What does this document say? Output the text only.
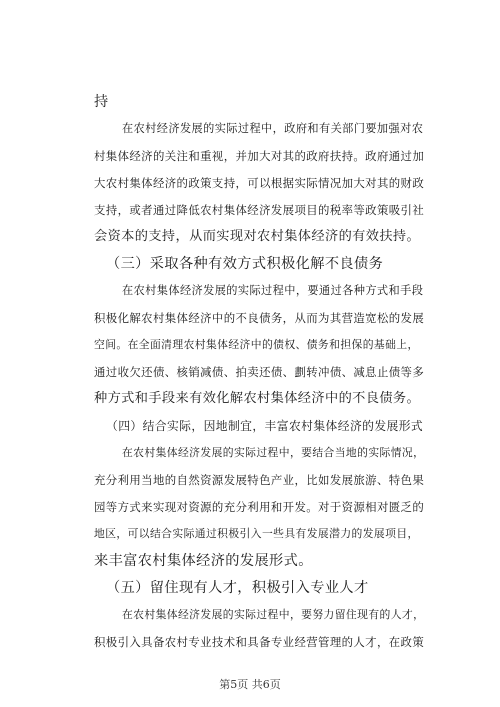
持
在农村经济发展的实际过程中，政府和有关部门要加强对农
村集体经济的关注和重视，并加大对其的政府扶持。政府通过加
大农村集体经济的政策支持，可以根据实际情况加大对其的财政
支持，或者通过降低农村集体经济发展项目的税率等政策吸引社
会资本的支持，从而实现对农村集体经济的有效扶持。
（三）采取各种有效方式积极化解不良债务
在农村集体经济发展的实际过程中，要通过各种方式和手段
积极化解农村集体经济中的不良债务，从而为其营造宽松的发展
空间。在全面清理农村集体经济中的债权、债务和担保的基础上，
通过收欠还债、核销减债、拍卖还债、劃转冲债、减息止债等多
种方式和手段来有效化解农村集体经济中的不良债务。
（四）结合实际，因地制宜，丰富农村集体经济的发展形式
在农村集体经济发展的实际过程中，要结合当地的实际情况，
充分利用当地的自然资源发展特色产业，比如发展旅游、特色果
园等方式来实现对资源的充分利用和开发。对于资源相对匮乏的
地区，可以结合实际通过积极引入一些具有发展潜力的发展项目，
来丰富农村集体经济的发展形式。
（五）留住现有人才，积极引入专业人才
在农村集体经济发展的实际过程中，要努力留住现有的人才，
积极引入具备农村专业技术和具备专业经营管理的人才，在政策
第5页 共6页
